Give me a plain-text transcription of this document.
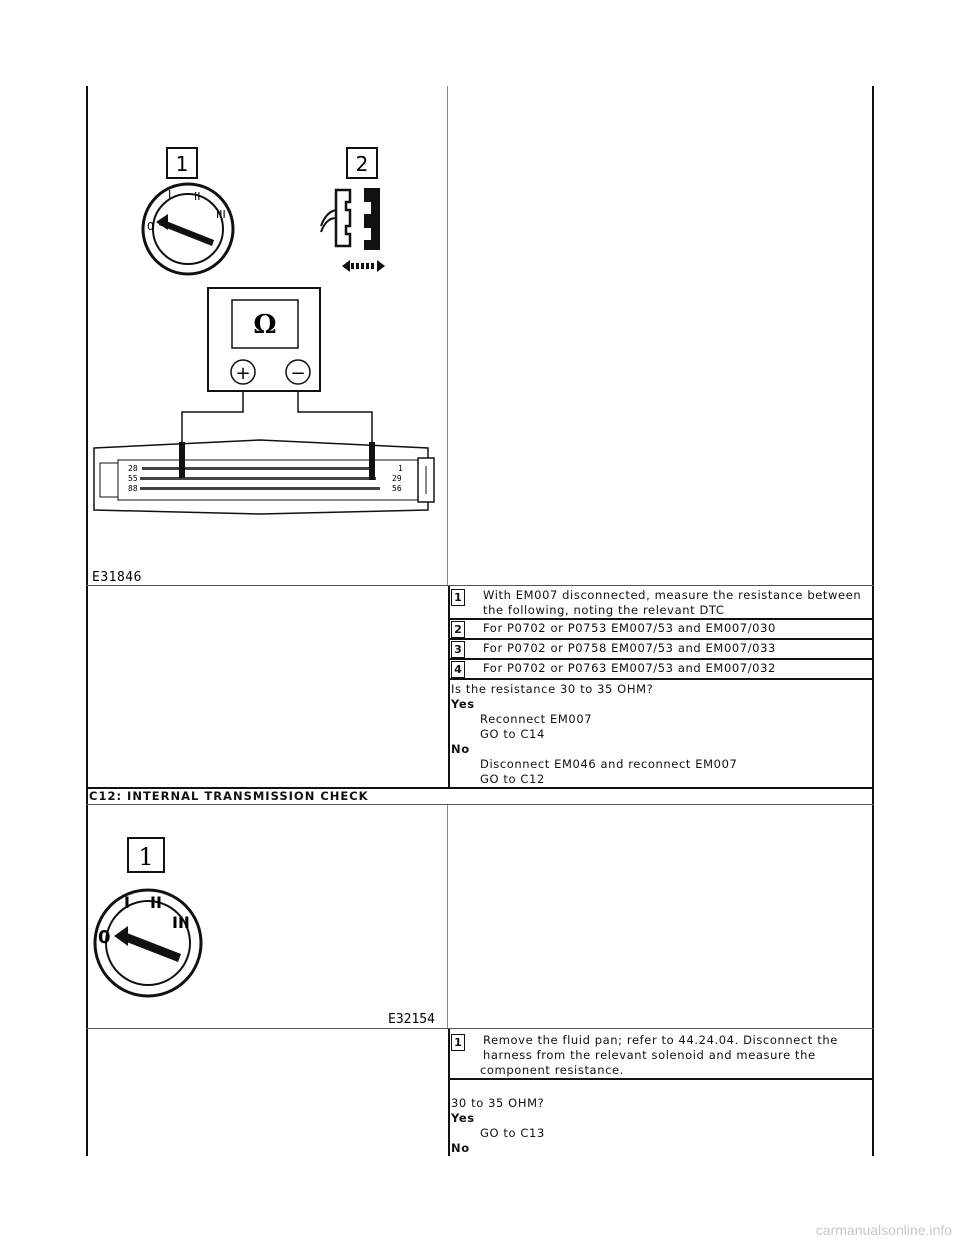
1
0
I II
III
2
Ω
+ −
28
55
88
1
29
56
E31846
1 With EM007 disconnected, measure the resistance between
the following, noting the relevant DTC
2 For P0702 or P0753 EM007/53 and EM007/030
3 For P0702 or P0758 EM007/53 and EM007/033
4 For P0702 or P0763 EM007/53 and EM007/032
Is the resistance 30 to 35 OHM?
Yes
Reconnect EM007
GO to C14
No
Disconnect EM046 and reconnect EM007
GO to C12
C12: INTERNAL TRANSMISSION CHECK
1
0
I II
III
E32154
1 Remove the fluid pan; refer to 44.24.04. Disconnect the
harness from the relevant solenoid and measure the
component resistance.
30 to 35 OHM?
Yes
GO to C13
No
carmanualsonline.info
